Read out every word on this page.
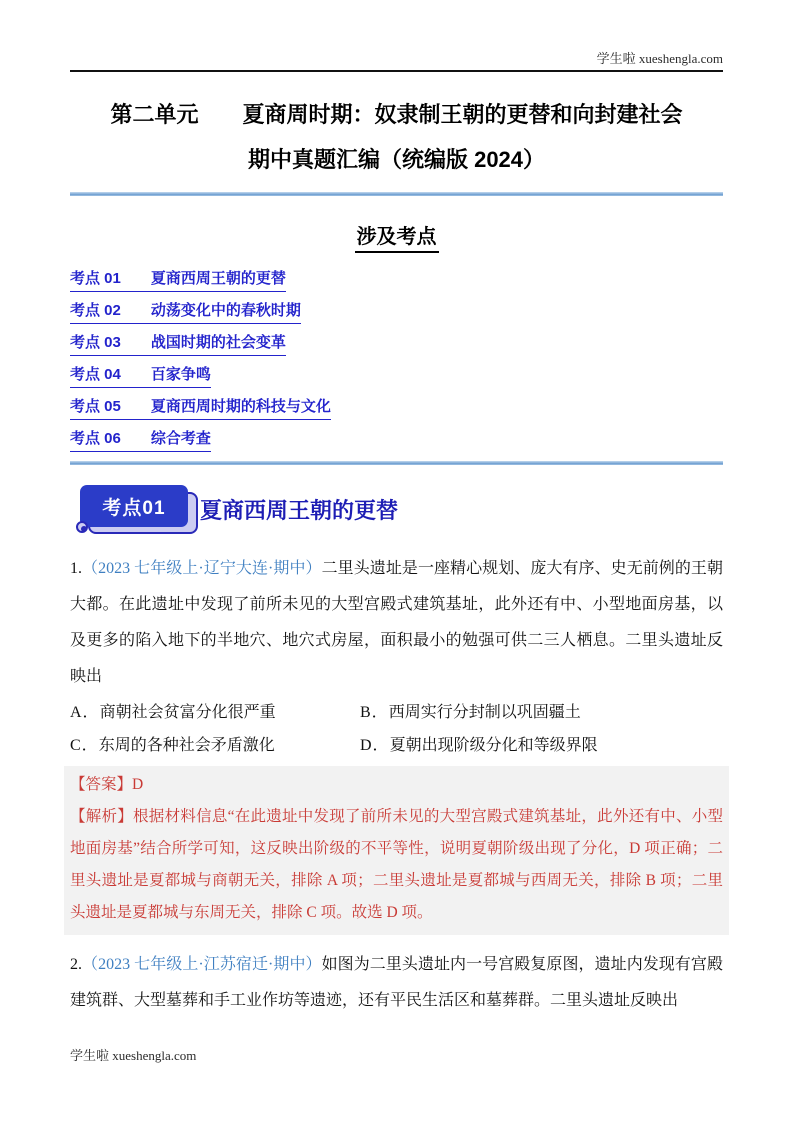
学生啦 xueshengla.com
第二单元　　夏商周时期：奴隶制王朝的更替和向封建社会
期中真题汇编（统编版 2024）
涉及考点
考点 01 夏商西周王朝的更替
考点 02 动荡变化中的春秋时期
考点 03 战国时期的社会变革
考点 04 百家争鸣
考点 05 夏商西周时期的科技与文化
考点 06 综合考查
考点01	夏商西周王朝的更替

1.（2023 七年级上·辽宁大连·期中）二里头遗址是一座精心规划、庞大有序、史无前例的王朝大都。在此遗址中发现了前所未见的大型宫殿式建筑基址，此外还有中、小型地面房基，以及更多的陷入地下的半地穴、地穴式房屋，面积最小的勉强可供二三人栖息。二里头遗址反映出

A．商朝社会贫富分化很严重	B．西周实行分封制以巩固疆土
C．东周的各种社会矛盾激化	D．夏朝出现阶级分化和等级界限

【答案】D

【解析】根据材料信息“在此遗址中发现了前所未见的大型宫殿式建筑基址，此外还有中、小型地面房基”结合所学可知，这反映出阶级的不平等性，说明夏朝阶级出现了分化，D 项正确；二里头遗址是夏都城与商朝无关，排除 A 项；二里头遗址是夏都城与西周无关，排除 B 项；二里头遗址是夏都城与东周无关，排除 C 项。故选 D 项。

2.（2023 七年级上·江苏宿迁·期中）如图为二里头遗址内一号宫殿复原图，遗址内发现有宫殿建筑群、大型墓葬和手工业作坊等遗迹，还有平民生活区和墓葬群。二里头遗址反映出

学生啦 xueshengla.com
